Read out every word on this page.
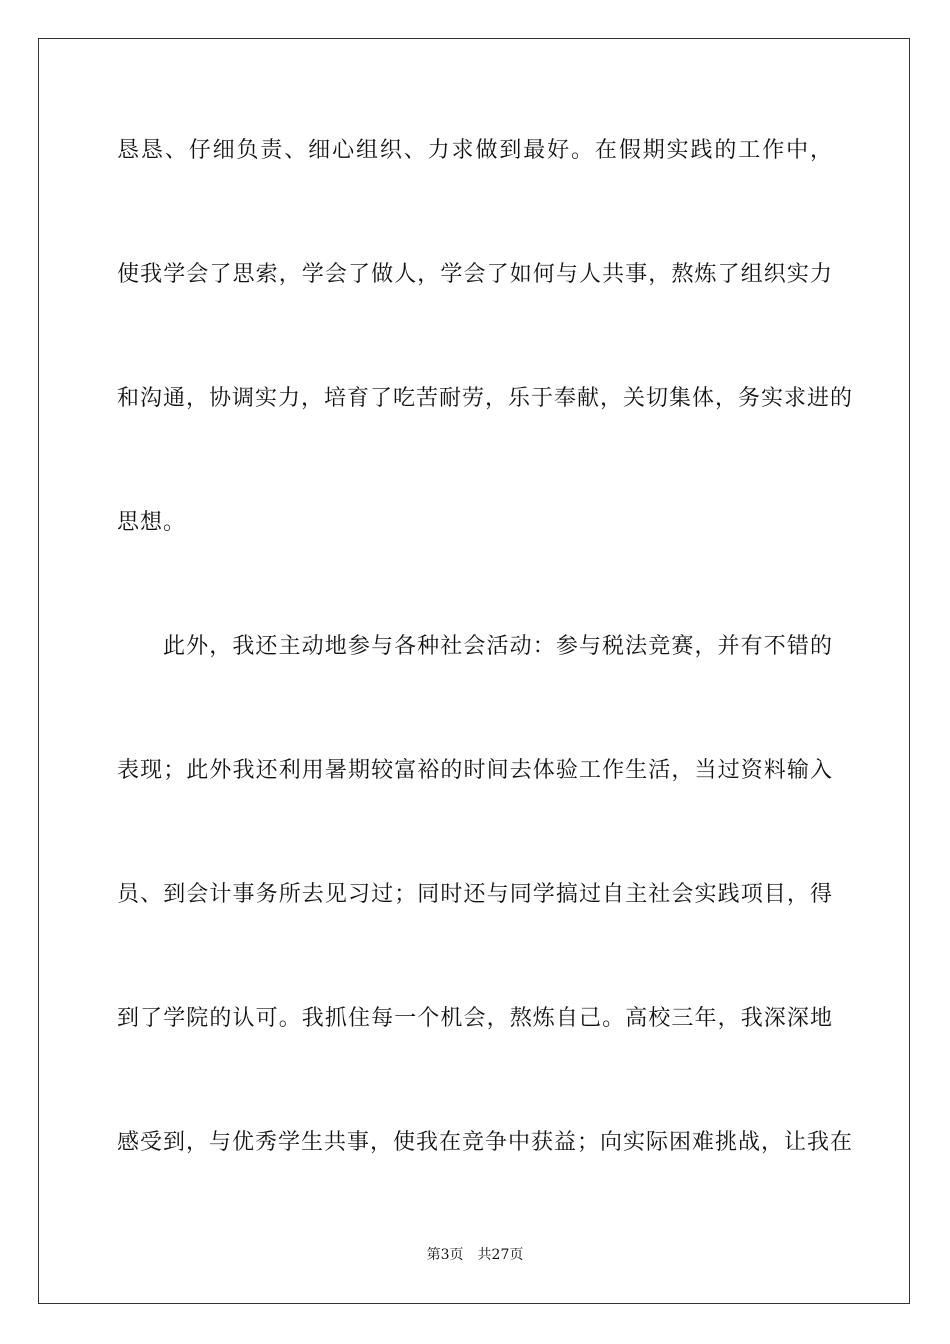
恳恳、仔细负责、细心组织、力求做到最好。在假期实践的工作中，
使我学会了思索，学会了做人，学会了如何与人共事，熬炼了组织实力
和沟通，协调实力，培育了吃苦耐劳，乐于奉献，关切集体，务实求进的
思想。
此外，我还主动地参与各种社会活动：参与税法竞赛，并有不错的
表现；此外我还利用暑期较富裕的时间去体验工作生活，当过资料输入
员、到会计事务所去见习过；同时还与同学搞过自主社会实践项目，得
到了学院的认可。我抓住每一个机会，熬炼自己。高校三年，我深深地
感受到，与优秀学生共事，使我在竞争中获益；向实际困难挑战，让我在
第3页 共27页
